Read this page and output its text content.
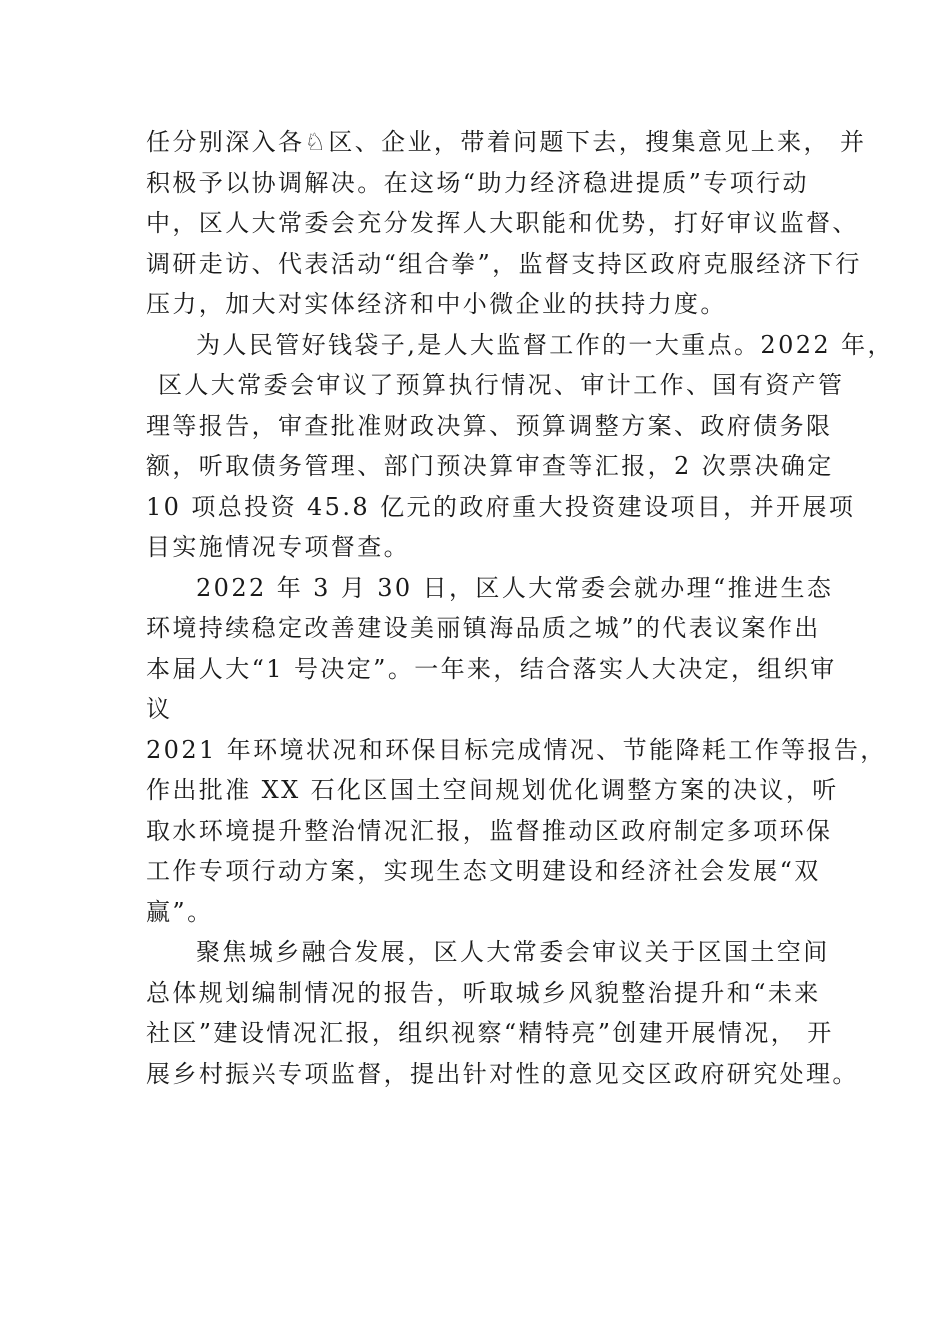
任分别深入各♘区、企业，带着问题下去，搜集意见上来， 并
积极予以协调解决。在这场“助力经济稳进提质”专项行动
中，区人大常委会充分发挥人大职能和优势，打好审议监督、
调研走访、代表活动“组合拳”，监督支持区政府克服经济下行
压力，加大对实体经济和中小微企业的扶持力度。
为人民管好钱袋子,是人大监督工作的一大重点。2022 年，
区人大常委会审议了预算执行情况、审计工作、国有资产管
理等报告，审查批准财政决算、预算调整方案、政府债务限
额，听取债务管理、部门预决算审查等汇报，2 次票决确定
10 项总投资 45.8 亿元的政府重大投资建设项目，并开展项
目实施情况专项督查。
2022 年 3 月 30 日，区人大常委会就办理“推进生态
环境持续稳定改善建设美丽镇海品质之城”的代表议案作出
本届人大“1 号决定”。一年来，结合落实人大决定，组织审
议
2021 年环境状况和环保目标完成情况、节能降耗工作等报告，
作出批准 XX 石化区国土空间规划优化调整方案的决议，听
取水环境提升整治情况汇报，监督推动区政府制定多项环保
工作专项行动方案，实现生态文明建设和经济社会发展“双
赢”。
聚焦城乡融合发展，区人大常委会审议关于区国土空间
总体规划编制情况的报告，听取城乡风貌整治提升和“未来
社区”建设情况汇报，组织视察“精特亮”创建开展情况， 开
展乡村振兴专项监督，提出针对性的意见交区政府研究处理。
